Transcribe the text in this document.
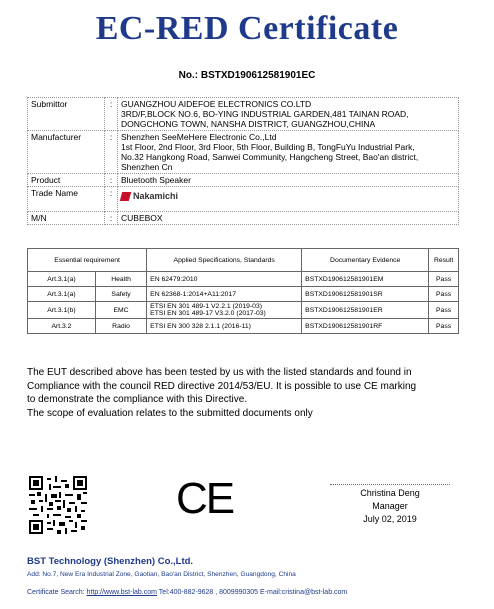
EC-RED Certificate
No.: BSTXD190612581901EC
Submittor	:	GUANGZHOU AIDEFOE ELECTRONICS CO.LTD
3RD/F,BLOCK NO.6, BO-YING INDUSTRIAL GARDEN,481 TAINAN ROAD,
DONGCHONG TOWN, NANSHA DISTRICT, GUANGZHOU,CHINA

Manufacturer	:	Shenzhen SeeMeHere Electronic Co.,Ltd
1st Floor, 2nd Floor, 3rd Floor, 5th Floor, Building B, TongFuYu Industrial Park,
No.32 Hangkong Road, Sanwei Community, Hangcheng Street, Bao'an district,
Shenzhen Cn

Product	:	Bluetooth Speaker
Trade Name	:	Nakamichi

M/N	:	CUBEBOX
Essential requirement		Applied Specifications, Standards	Documentary Evidence	Result
Art.3.1(a)	Health	EN 62479:2010	BSTXD190612581901EM	Pass
Art.3.1(a)	Safety	EN 62368-1:2014+A11:2017	BSTXD190612581901SR	Pass
Art.3.1(b)	EMC	ETSI EN 301 489-1 V2.2.1 (2019-03)
ETSI EN 301 489-17 V3.2.0 (2017-03)	BSTXD190612581901ER	Pass
Art.3.2	Radio	ETSI EN 300 328 2.1.1 (2016-11)	BSTXD190612581901RF	Pass
The EUT described above has been tested by us with the listed standards and found in
Compliance with the council RED directive 2014/53/EU. It is possible to use CE marking
to demonstrate the compliance with this Directive.
The scope of evaluation relates to the submitted documents only
CE	Christina Deng
Manager
July 02, 2019
BST Technology (Shenzhen) Co.,Ltd.
Add: No.7, New Era Industrial Zone, Gaotian, Bao'an District, Shenzhen, Guangdong, China
Certificate Search: http://www.bst-lab.com Tel:400-882-9628 , 8009990305 E-mail:cristina@bst-lab.com
